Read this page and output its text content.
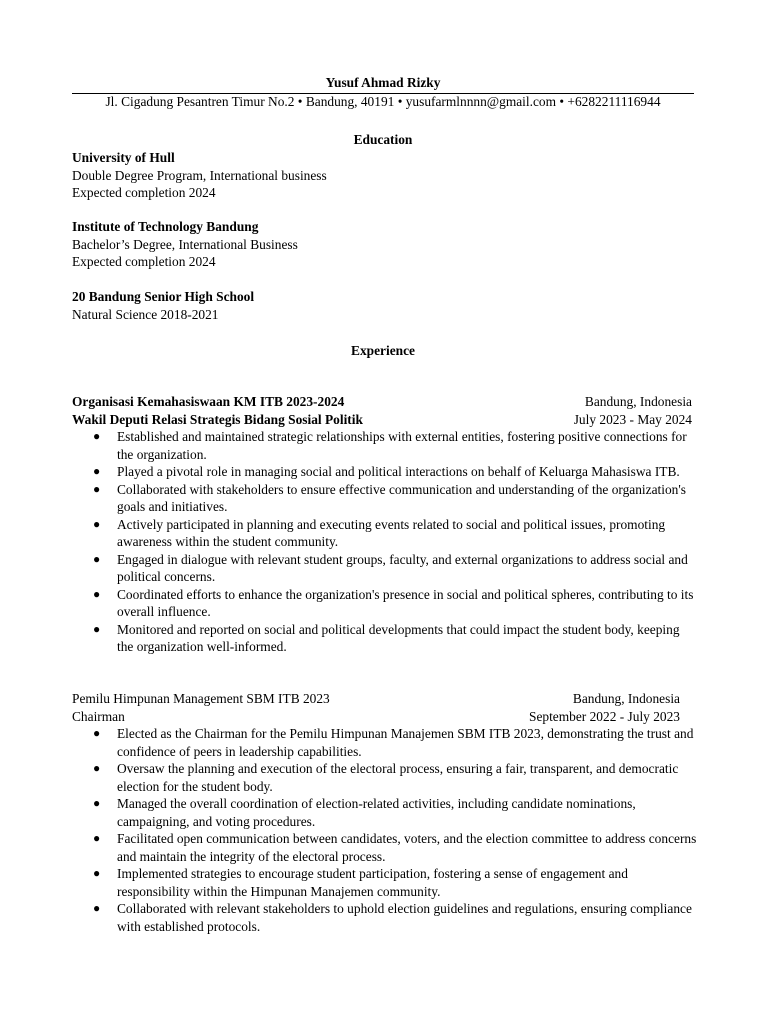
Yusuf Ahmad Rizky
Jl. Cigadung Pesantren Timur No.2 • Bandung, 40191 • yusufarmlnnnn@gmail.com • +6282211116944
Education
University of Hull
Double Degree Program, International business
Expected completion 2024
Institute of Technology Bandung
Bachelor’s Degree, International Business
Expected completion 2024
20 Bandung Senior High School
Natural Science 2018-2021
Experience
Organisasi Kemahasiswaan KM ITB 2023-2024	Bandung, Indonesia
Wakil Deputi Relasi Strategis Bidang Sosial Politik	July 2023 - May 2024
● Established and maintained strategic relationships with external entities, fostering positive connections for the organization.
● Played a pivotal role in managing social and political interactions on behalf of Keluarga Mahasiswa ITB.
● Collaborated with stakeholders to ensure effective communication and understanding of the organization's goals and initiatives.
● Actively participated in planning and executing events related to social and political issues, promoting awareness within the student community.
● Engaged in dialogue with relevant student groups, faculty, and external organizations to address social and political concerns.
● Coordinated efforts to enhance the organization's presence in social and political spheres, contributing to its overall influence.
● Monitored and reported on social and political developments that could impact the student body, keeping the organization well-informed.
Pemilu Himpunan Management SBM ITB 2023	Bandung, Indonesia
Chairman	September 2022 - July 2023
● Elected as the Chairman for the Pemilu Himpunan Manajemen SBM ITB 2023, demonstrating the trust and confidence of peers in leadership capabilities.
● Oversaw the planning and execution of the electoral process, ensuring a fair, transparent, and democratic election for the student body.
● Managed the overall coordination of election-related activities, including candidate nominations, campaigning, and voting procedures.
● Facilitated open communication between candidates, voters, and the election committee to address concerns and maintain the integrity of the electoral process.
● Implemented strategies to encourage student participation, fostering a sense of engagement and responsibility within the Himpunan Manajemen community.
● Collaborated with relevant stakeholders to uphold election guidelines and regulations, ensuring compliance with established protocols.
